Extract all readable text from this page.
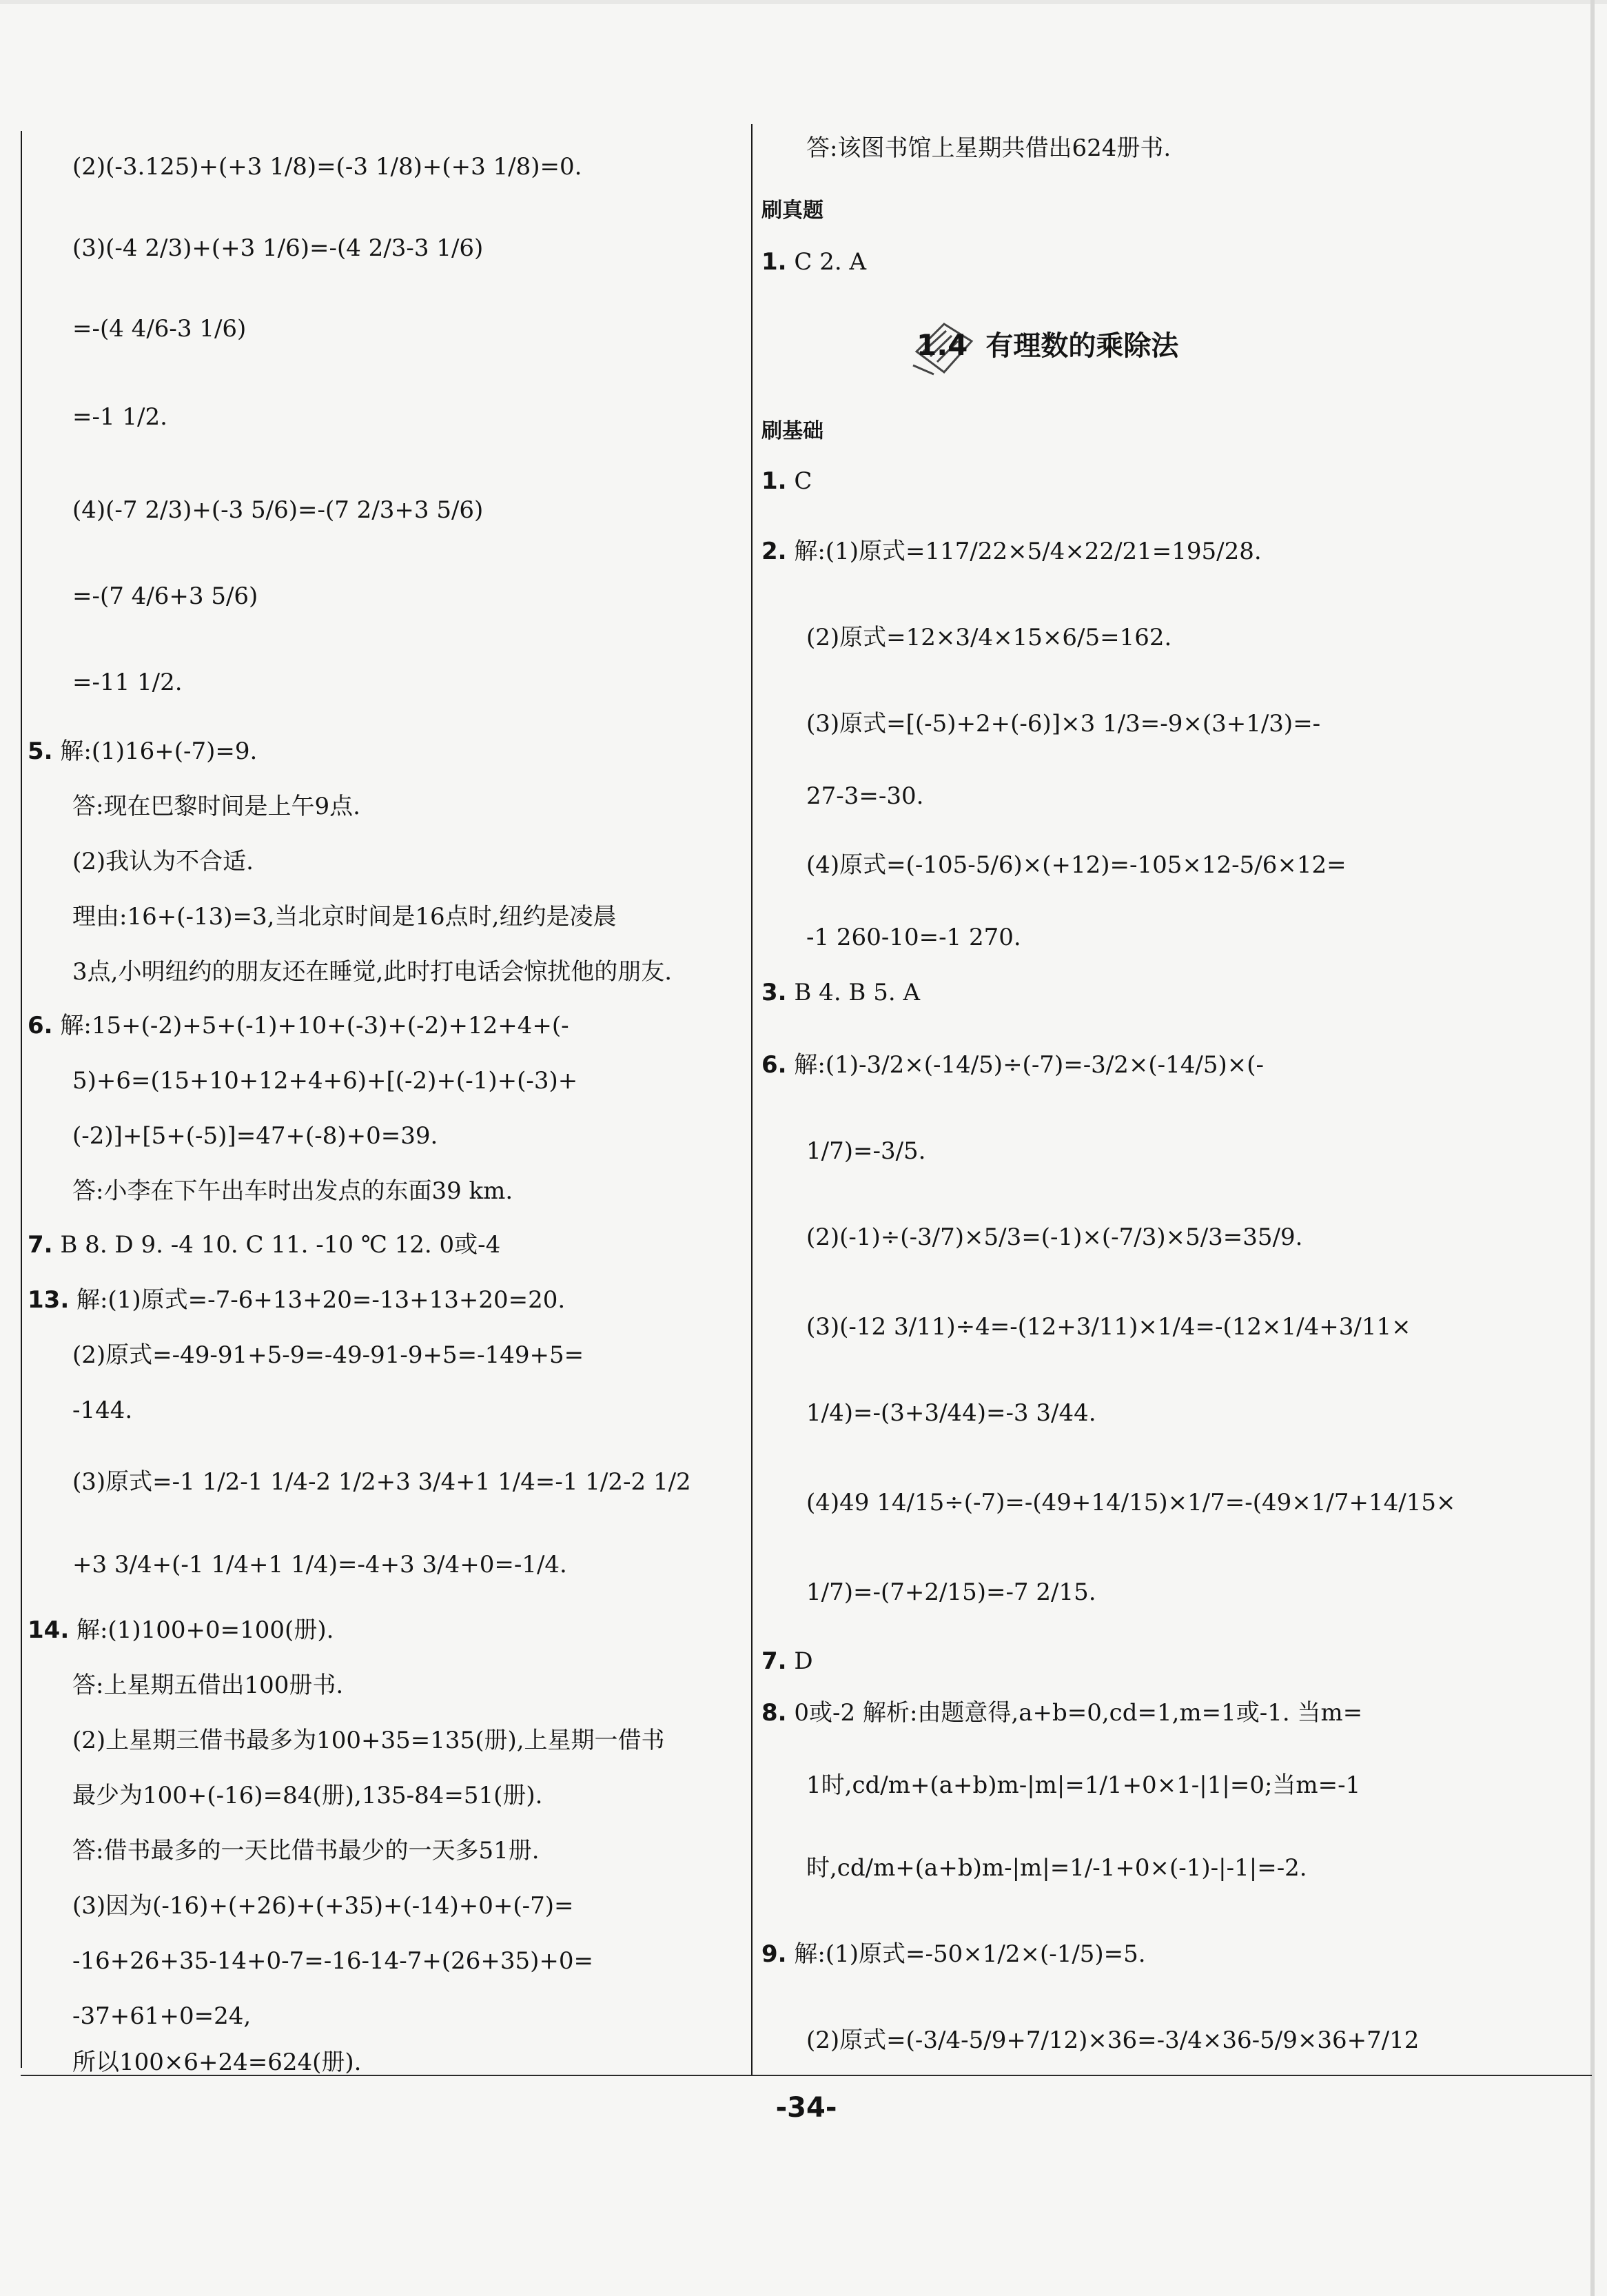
(2)(-3.125)+(+3 1/8)=(-3 1/8)+(+3 1/8)=0.
(3)(-4 2/3)+(+3 1/6)=-(4 2/3-3 1/6)
=-(4 4/6-3 1/6)
=-1 1/2.
(4)(-7 2/3)+(-3 5/6)=-(7 2/3+3 5/6)
=-(7 4/6+3 5/6)
=-11 1/2.
5. 解:(1)16+(-7)=9.
答:现在巴黎时间是上午9点.
(2)我认为不合适.
理由:16+(-13)=3,当北京时间是16点时,纽约是凌晨
3点,小明纽约的朋友还在睡觉,此时打电话会惊扰他的朋友.
6. 解:15+(-2)+5+(-1)+10+(-3)+(-2)+12+4+(-
5)+6=(15+10+12+4+6)+[(-2)+(-1)+(-3)+
(-2)]+[5+(-5)]=47+(-8)+0=39.
答:小李在下午出车时出发点的东面39 km.
7. B 8. D 9. -4 10. C 11. -10 ℃ 12. 0或-4
13. 解:(1)原式=-7-6+13+20=-13+13+20=20.
(2)原式=-49-91+5-9=-49-91-9+5=-149+5=
-144.
(3)原式=-1 1/2-1 1/4-2 1/2+3 3/4+1 1/4=-1 1/2-2 1/2
+3 3/4+(-1 1/4+1 1/4)=-4+3 3/4+0=-1/4.
14. 解:(1)100+0=100(册).
答:上星期五借出100册书.
(2)上星期三借书最多为100+35=135(册),上星期一借书
最少为100+(-16)=84(册),135-84=51(册).
答:借书最多的一天比借书最少的一天多51册.
(3)因为(-16)+(+26)+(+35)+(-14)+0+(-7)=
-16+26+35-14+0-7=-16-14-7+(26+35)+0=
-37+61+0=24,
所以100×6+24=624(册).
答:该图书馆上星期共借出624册书.
刷真题
1. C 2. A
刷基础
1. C
2. 解:(1)原式=117/22×5/4×22/21=195/28.
(2)原式=12×3/4×15×6/5=162.
(3)原式=[(-5)+2+(-6)]×3 1/3=-9×(3+1/3)=-
27-3=-30.
(4)原式=(-105-5/6)×(+12)=-105×12-5/6×12=
-1 260-10=-1 270.
3. B 4. B 5. A
6. 解:(1)-3/2×(-14/5)÷(-7)=-3/2×(-14/5)×(-
1/7)=-3/5.
(2)(-1)÷(-3/7)×5/3=(-1)×(-7/3)×5/3=35/9.
(3)(-12 3/11)÷4=-(12+3/11)×1/4=-(12×1/4+3/11×
1/4)=-(3+3/44)=-3 3/44.
(4)49 14/15÷(-7)=-(49+14/15)×1/7=-(49×1/7+14/15×
1/7)=-(7+2/15)=-7 2/15.
7. D
8. 0或-2 解析:由题意得,a+b=0,cd=1,m=1或-1. 当m=
1时,cd/m+(a+b)m-|m|=1/1+0×1-|1|=0;当m=-1
时,cd/m+(a+b)m-|m|=1/-1+0×(-1)-|-1|=-2.
9. 解:(1)原式=-50×1/2×(-1/5)=5.
(2)原式=(-3/4-5/9+7/12)×36=-3/4×36-5/9×36+7/12
1.4 有理数的乘除法
-34-
